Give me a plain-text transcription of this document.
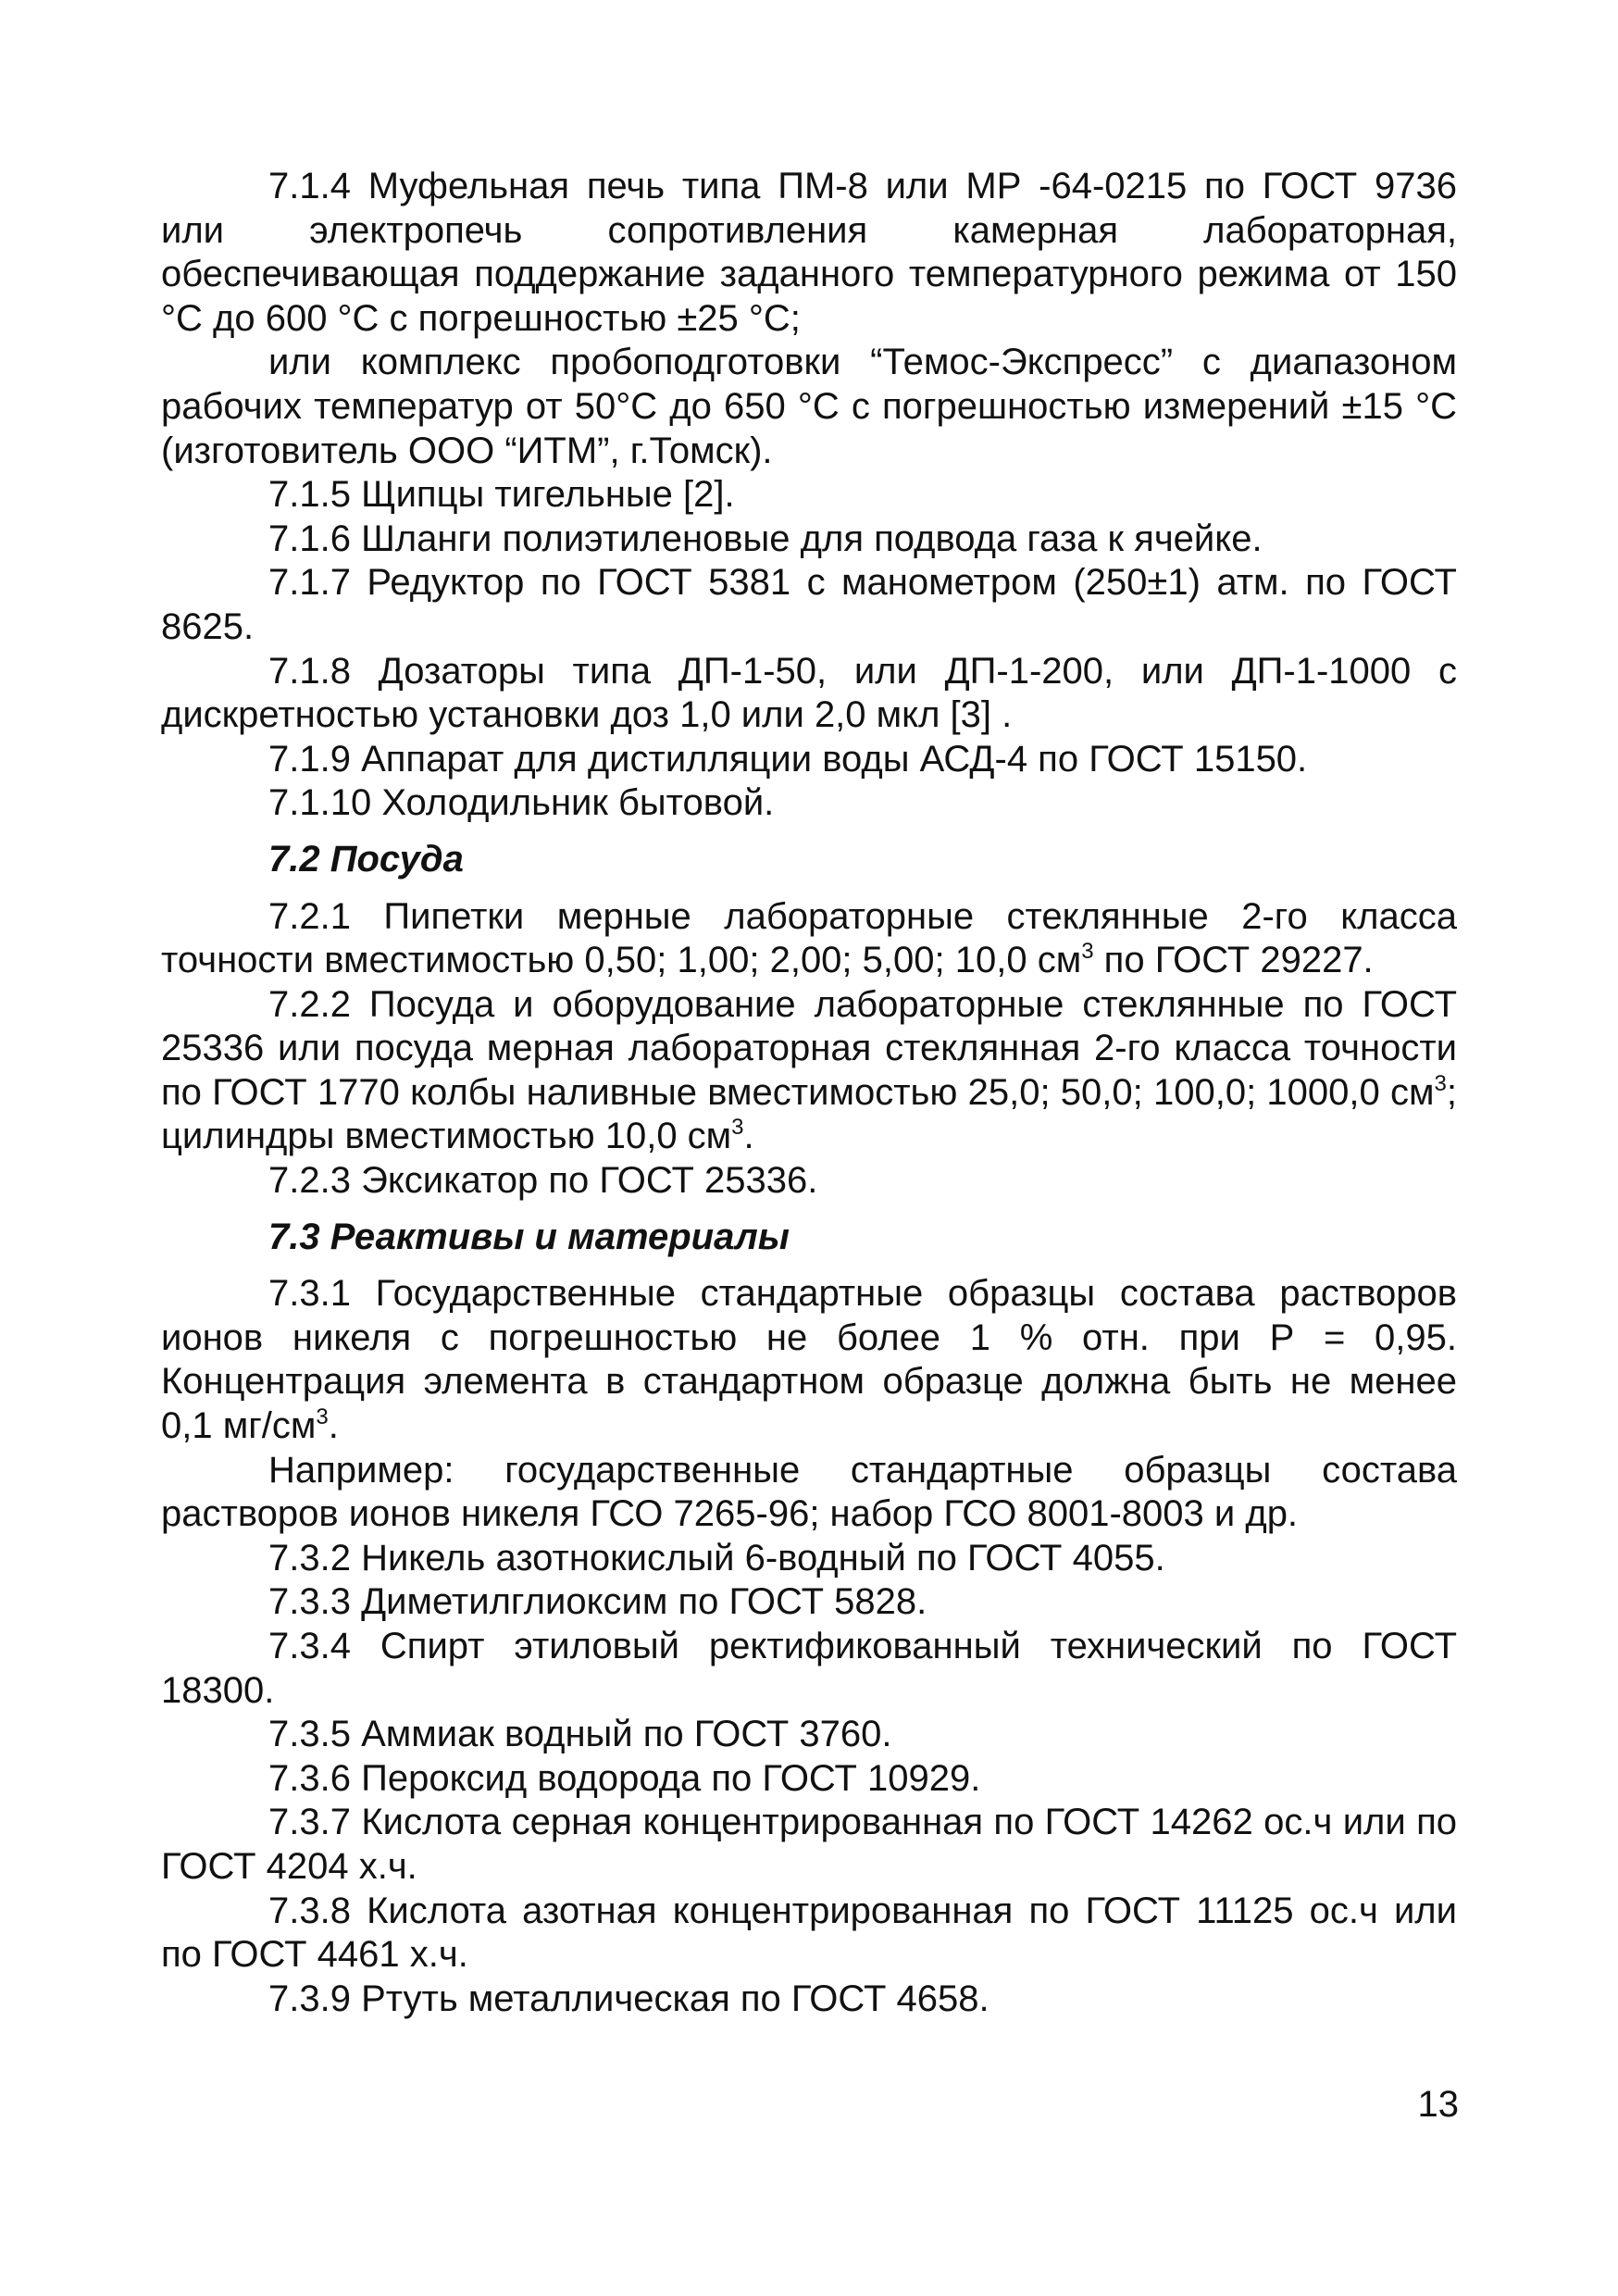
7.1.4 Муфельная печь типа ПМ-8 или МР -64-0215 по ГОСТ 9736 или электропечь сопротивления камерная лабораторная, обеспечивающая поддержание заданного температурного режима от 150 °С до 600 °С с погрешностью ±25 °С;

или комплекс пробоподготовки “Темос-Экспресс” с диапазоном рабочих температур от 50°С до 650 °С с погрешностью измерений ±15 °С (изготовитель ООО “ИТМ”, г.Томск).

7.1.5 Щипцы тигельные [2].

7.1.6 Шланги полиэтиленовые для подвода газа к ячейке.

7.1.7 Редуктор по ГОСТ 5381 с манометром (250±1) атм. по ГОСТ 8625.

7.1.8 Дозаторы типа ДП-1-50, или ДП-1-200, или ДП-1-1000 с дискретностью установки доз 1,0 или 2,0 мкл [3] .

7.1.9 Аппарат для дистилляции воды АСД-4 по ГОСТ 15150.

7.1.10 Холодильник бытовой.

7.2 Посуда

7.2.1 Пипетки мерные лабораторные стеклянные 2-го класса точности вместимостью 0,50; 1,00; 2,00; 5,00; 10,0 $см^3$ по ГОСТ 29227.

7.2.2 Посуда и оборудование лабораторные стеклянные по ГОСТ 25336 или посуда мерная лабораторная стеклянная 2-го класса точности по ГОСТ 1770 колбы наливные вместимостью 25,0; 50,0; 100,0; 1000,0 $см^3$; цилиндры вместимостью 10,0 $см^3$.

7.2.3 Эксикатор по ГОСТ 25336.

7.3 Реактивы и материалы

7.3.1 Государственные стандартные образцы состава растворов ионов никеля с погрешностью не более 1 % отн. при Р = 0,95. Концентрация элемента в стандартном образце должна быть не менее 0,1 $мг/см^3$.

Например: государственные стандартные образцы состава растворов ионов никеля ГСО 7265-96; набор ГСО 8001-8003 и др.

7.3.2 Никель азотнокислый 6-водный по ГОСТ 4055.

7.3.3 Диметилглиоксим по ГОСТ 5828.

7.3.4 Спирт этиловый ректификованный технический по ГОСТ 18300.

7.3.5 Аммиак водный по ГОСТ 3760.

7.3.6 Пероксид водорода по ГОСТ 10929.

7.3.7 Кислота серная концентрированная по ГОСТ 14262 ос.ч или по ГОСТ 4204 х.ч.

7.3.8 Кислота азотная концентрированная по ГОСТ 11125 ос.ч или по ГОСТ 4461 х.ч.

7.3.9 Ртуть металлическая по ГОСТ 4658.

13
